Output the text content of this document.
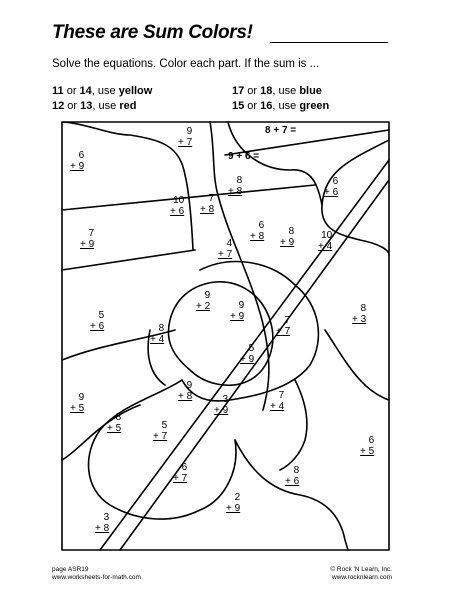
These are Sum Colors!
Solve the equations. Color each part. If the sum is ...
11 or 14, use yellow
12 or 13, use red
17 or 18, use blue
15 or 16, use green
8 + 7 =
9 + 6 =
9
+ 7
6
+ 9
8
+ 8
6
+ 6
10
+ 6
7
+ 8
6
+ 8	8
+ 9
10
+ 4
7
+ 9	4
+ 7
9
+ 2	9
+ 9
8
+ 3
5
+ 6	8
+ 4
7
+ 7
5
+ 9
9
+ 8	3
+ 9
7
+ 4
9
+ 5
8
+ 5	5
+ 7	6
+ 5
6
+ 7
8
+ 6
2
+ 9
3
+ 8
page ASR19
www.worksheets-for-math.com
© Rock 'N Learn, Inc.
www.rocknlearn.com
